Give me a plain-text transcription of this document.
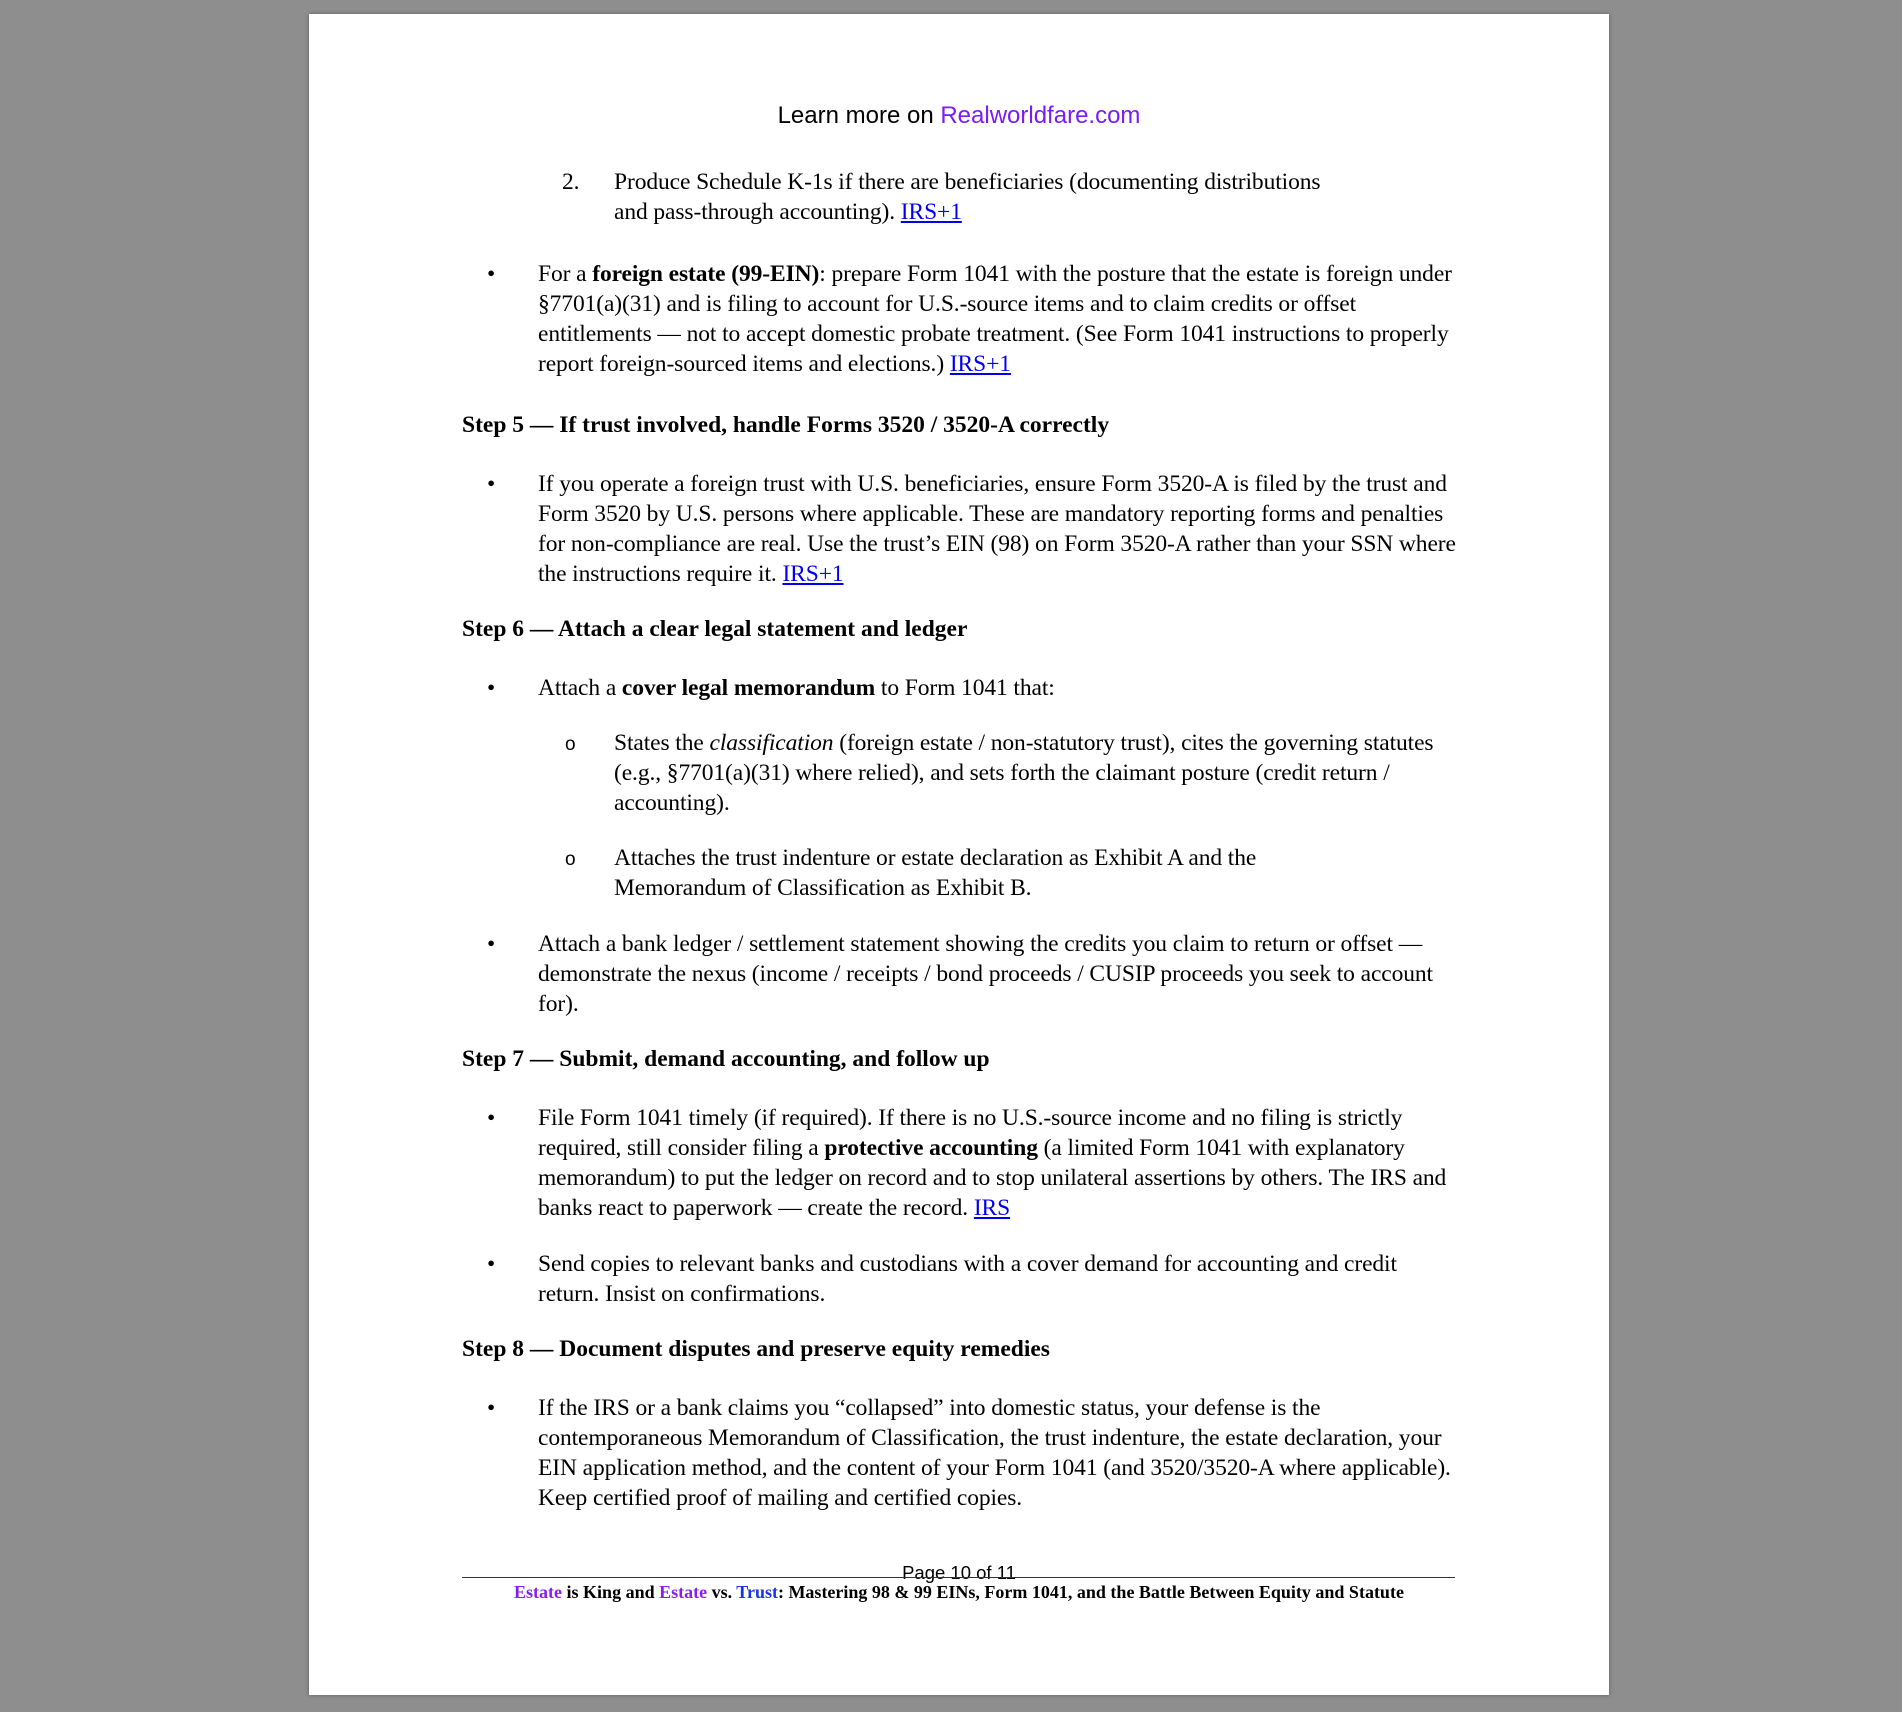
Learn more on Realworldfare.com
2. Produce Schedule K-1s if there are beneficiaries (documenting distributions and pass-through accounting). IRS+1
• For a foreign estate (99-EIN): prepare Form 1041 with the posture that the estate is foreign under §7701(a)(31) and is filing to account for U.S.-source items and to claim credits or offset entitlements — not to accept domestic probate treatment. (See Form 1041 instructions to properly report foreign-sourced items and elections.) IRS+1
Step 5 — If trust involved, handle Forms 3520 / 3520-A correctly
• If you operate a foreign trust with U.S. beneficiaries, ensure Form 3520-A is filed by the trust and Form 3520 by U.S. persons where applicable. These are mandatory reporting forms and penalties for non-compliance are real. Use the trust’s EIN (98) on Form 3520-A rather than your SSN where the instructions require it. IRS+1
Step 6 — Attach a clear legal statement and ledger
• Attach a cover legal memorandum to Form 1041 that:
o States the classification (foreign estate / non-statutory trust), cites the governing statutes (e.g., §7701(a)(31) where relied), and sets forth the claimant posture (credit return / accounting).
o Attaches the trust indenture or estate declaration as Exhibit A and the Memorandum of Classification as Exhibit B.
• Attach a bank ledger / settlement statement showing the credits you claim to return or offset — demonstrate the nexus (income / receipts / bond proceeds / CUSIP proceeds you seek to account for).
Step 7 — Submit, demand accounting, and follow up
• File Form 1041 timely (if required). If there is no U.S.-source income and no filing is strictly required, still consider filing a protective accounting (a limited Form 1041 with explanatory memorandum) to put the ledger on record and to stop unilateral assertions by others. The IRS and banks react to paperwork — create the record. IRS
• Send copies to relevant banks and custodians with a cover demand for accounting and credit return. Insist on confirmations.
Step 8 — Document disputes and preserve equity remedies
• If the IRS or a bank claims you “collapsed” into domestic status, your defense is the contemporaneous Memorandum of Classification, the trust indenture, the estate declaration, your EIN application method, and the content of your Form 1041 (and 3520/3520-A where applicable). Keep certified proof of mailing and certified copies.
Page 10 of 11
Estate is King and Estate vs. Trust: Mastering 98 & 99 EINs, Form 1041, and the Battle Between Equity and Statute
